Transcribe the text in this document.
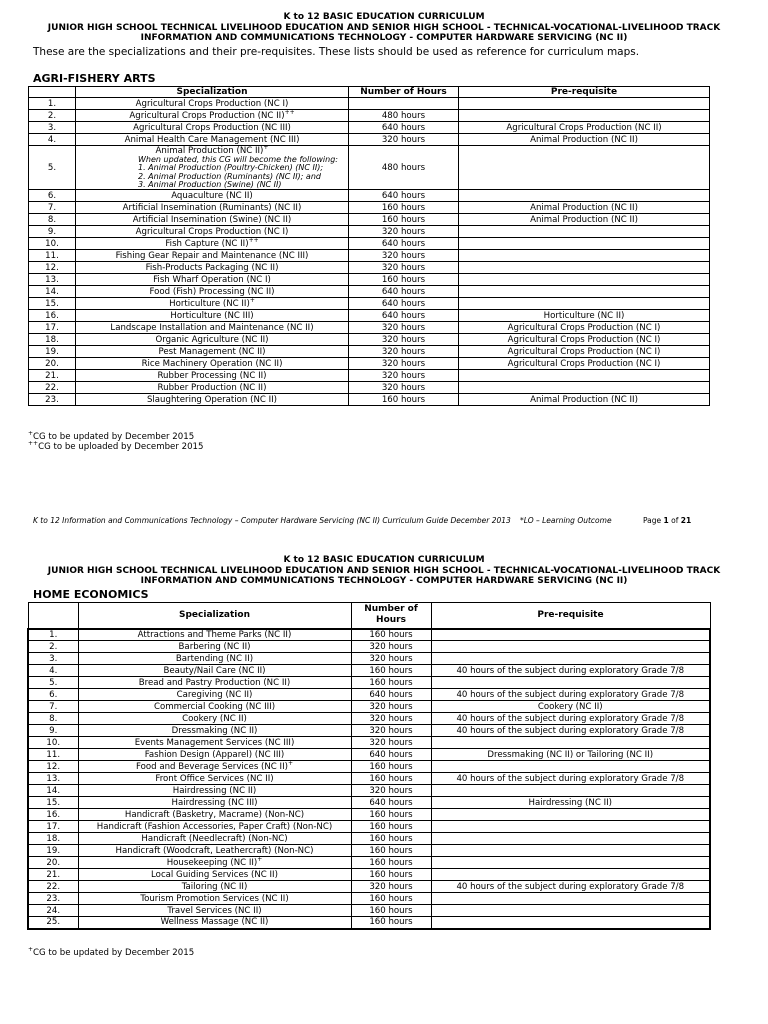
K to 12 BASIC EDUCATION CURRICULUM
JUNIOR HIGH SCHOOL TECHNICAL LIVELIHOOD EDUCATION AND SENIOR HIGH SCHOOL - TECHNICAL-VOCATIONAL-LIVELIHOOD TRACK
INFORMATION AND COMMUNICATIONS TECHNOLOGY - COMPUTER HARDWARE SERVICING (NC II)
These are the specializations and their pre-requisites. These lists should be used as reference for curriculum maps.
AGRI-FISHERY ARTS
	Specialization	Number of Hours	Pre-requisite
1.	Agricultural Crops Production (NC I)		
2.	Agricultural Crops Production (NC II)++	480 hours	
3.	Agricultural Crops Production (NC III)	640 hours	Agricultural Crops Production (NC II)
4.	Animal Health Care Management (NC III)	320 hours	Animal Production (NC II)
5.	Animal Production (NC II)+
When updated, this CG will become the following:
1. Animal Production (Poultry-Chicken) (NC II);
2. Animal Production (Ruminants) (NC II); and
3. Animal Production (Swine) (NC II)	480 hours	
6.	Aquaculture (NC II)	640 hours	
7.	Artificial Insemination (Ruminants) (NC II)	160 hours	Animal Production (NC II)
8.	Artificial Insemination (Swine) (NC II)	160 hours	Animal Production (NC II)
9.	Agricultural Crops Production (NC I)	320 hours	
10.	Fish Capture (NC II)++	640 hours	
11.	Fishing Gear Repair and Maintenance (NC III)	320 hours	
12.	Fish-Products Packaging (NC II)	320 hours	
13.	Fish Wharf Operation (NC I)	160 hours	
14.	Food (Fish) Processing (NC II)	640 hours	
15.	Horticulture (NC II)+	640 hours	
16.	Horticulture (NC III)	640 hours	Horticulture (NC II)
17.	Landscape Installation and Maintenance (NC II)	320 hours	Agricultural Crops Production (NC I)
18.	Organic Agriculture (NC II)	320 hours	Agricultural Crops Production (NC I)
19.	Pest Management (NC II)	320 hours	Agricultural Crops Production (NC I)
20.	Rice Machinery Operation (NC II)	320 hours	Agricultural Crops Production (NC I)
21.	Rubber Processing (NC II)	320 hours	
22.	Rubber Production (NC II)	320 hours	
23.	Slaughtering Operation (NC II)	160 hours	Animal Production (NC II)
+CG to be updated by December 2015
++CG to be uploaded by December 2015
K to 12 Information and Communications Technology – Computer Hardware Servicing (NC II) Curriculum Guide December 2013 *LO – Learning Outcome	Page 1 of 21
K to 12 BASIC EDUCATION CURRICULUM
JUNIOR HIGH SCHOOL TECHNICAL LIVELIHOOD EDUCATION AND SENIOR HIGH SCHOOL - TECHNICAL-VOCATIONAL-LIVELIHOOD TRACK
INFORMATION AND COMMUNICATIONS TECHNOLOGY - COMPUTER HARDWARE SERVICING (NC II)
HOME ECONOMICS
	Specialization	Number of Hours	Pre-requisite
1.	Attractions and Theme Parks (NC II)	160 hours	
2.	Barbering (NC II)	320 hours	
3.	Bartending (NC II)	320 hours	
4.	Beauty/Nail Care (NC II)	160 hours	40 hours of the subject during exploratory Grade 7/8
5.	Bread and Pastry Production (NC II)	160 hours	
6.	Caregiving (NC II)	640 hours	40 hours of the subject during exploratory Grade 7/8
7.	Commercial Cooking (NC III)	320 hours	Cookery (NC II)
8.	Cookery (NC II)	320 hours	40 hours of the subject during exploratory Grade 7/8
9.	Dressmaking (NC II)	320 hours	40 hours of the subject during exploratory Grade 7/8
10.	Events Management Services (NC III)	320 hours	
11.	Fashion Design (Apparel) (NC III)	640 hours	Dressmaking (NC II) or Tailoring (NC II)
12.	Food and Beverage Services (NC II)+	160 hours	
13.	Front Office Services (NC II)	160 hours	40 hours of the subject during exploratory Grade 7/8
14.	Hairdressing (NC II)	320 hours	
15.	Hairdressing (NC III)	640 hours	Hairdressing (NC II)
16.	Handicraft (Basketry, Macrame) (Non-NC)	160 hours	
17.	Handicraft (Fashion Accessories, Paper Craft) (Non-NC)	160 hours	
18.	Handicraft (Needlecraft) (Non-NC)	160 hours	
19.	Handicraft (Woodcraft, Leathercraft) (Non-NC)	160 hours	
20.	Housekeeping (NC II)+	160 hours	
21.	Local Guiding Services (NC II)	160 hours	
22.	Tailoring (NC II)	320 hours	40 hours of the subject during exploratory Grade 7/8
23.	Tourism Promotion Services (NC II)	160 hours	
24.	Travel Services (NC II)	160 hours	
25.	Wellness Massage (NC II)	160 hours	
+CG to be updated by December 2015
